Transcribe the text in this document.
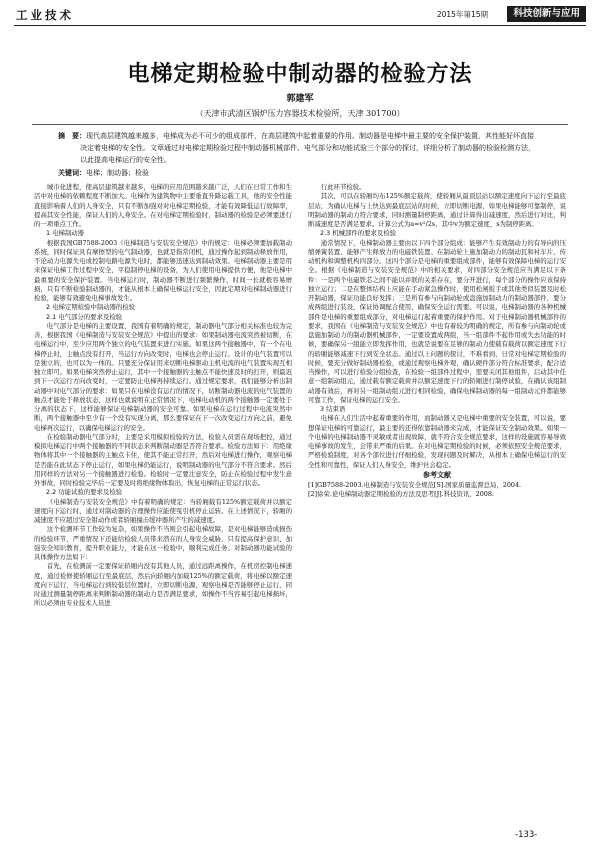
工业技术	2015年第15期	科技创新与应用
电梯定期检验中制动器的检验方法
郭建军
（天津市武清区锅炉压力容器技术检验所，天津 301700）
摘　要：现代高层建筑越来越多，电梯成为必不可少的组成部件，在高层建筑中起着重要的作用。制动器是电梯中最主要的安全保护装置，其性能好坏直接决定着电梯的安全性。文章通过对电梯定期检验过程中制动器机械部件、电气部分和功能试验三个部分的探讨，详细分析了制动器的检验检测方法，以此提高电梯运行的安全性。
关键词：电梯；制动器；检验

城市化进程，使高层建筑越来越多，电梯的应用范围越来越广泛，人们在日常工作和生活中对电梯的依赖程度不断加大。电梯作为建筑物中主要垂直升降运载工具，他的安全性能直接影响着人们的人身安全，只有不断加强对对电梯定期检验，才能有效降低运行故障率，提高其安全性能，保证人们的人身安全。在对电梯定期检验时，制动器的检验是必须要进行的一项重点工作。

1 电梯制动器

根据我国GB7588-2003《电梯制造与安装安全规范》中的规定：电梯必须要加载制动系统，同时保证具有摩擦型的电气制动器，也就是指常闭机，通过操作起到制动释放作用，不论动力电源失电或控制电路电源失电时，都能够迅速达到制动效果。电梯制动器主要是用来保证电梯工作过程中安全、平稳制停电梯的设备，为人们使用电梯提供方便，他是电梯中最重要的安全保护装置。当电梯运行时，制动器不断进行频繁操作，时间一长就极容易磨损，只有不断检验制动器的，才能从根本上确保电梯运行安全，因此定期对电梯制动器进行检验，能够有效避免电梯事故发生。

2 电梯定期检验中制动器的检验
2.1 电气部分的要求及检验

电气部分是电梯的主要设置，我国有着明确的规定，制动器电气部分相关标准也较为完善，根据我国《电梯制造与安装安全规范》中提出的要求：如果制动器电流突然被切断，在电梯运行中，至少应用两个独立的电气装置来进行实施。如果这两个接触器中，有一个在电梯停止时，主触点没有打开，当运行方向改变时，电梯也会停止运行。设计的电气装置可以是独立的，也可以为一体的。只要充分保证用来切断电梯驱动主机电流的电气装置实现互相独立即可。如果电梯突然停止运行，其中一个接触器的主触点不能快速及时的打开，则最迟到下一次运行方向改变时，一定要防止电梯再持续运行。通过规定要求，我们能够分析出制动器中对电气部分的要求：如果只在电梯没有运行的情况下，切断制动器电流的电气装置的触点才能处于释放状态，这样也就说明在正常情况下，电梯电动机的两个接触器一定要处于分离的状态下，这样能够保证电梯制动器的安全可靠。如果电梯在运行过程中电流突然中断，两个接触器中至少有一个没有实现分离，那么要保证在下一次改变运行方向之前，避免电梯再次运行，以确保电梯运行的安全。

在检验制动器电气部分时，主要是采用模拟检验的方法，检验人员需在现场把控，通过模拟电梯运行中两个接触器的不同状态来判断制动器是否符合要求。检验方法如下：用绝缘物体将其中一个接触器的主触点卡住，使其不能正常打开，然后对电梯进行操作，观察电梯是否能在此状态下停止运行，如果电梯仍能运行，说明制动器的电气部分不符合要求。然后用同样的方法对另一个接触器进行检验。检验时一定要注意安全，防止在检验过程中发生意外事故，同时检验完毕后一定要及时将绝缘物体取出，恢复电梯的正常运行状态。

2.2 功能试验的要求及检验

《电梯制造与安装安全规范》中有着明确的规定：当轿厢载有125%额定载荷并以额定速度向下运行时，通过对制动器的合理操作应能使曳引机停止运转。在上述情况下，轿厢的减速度不应超过安全钳动作或者轿厢撞击缓冲器所产生的减速度。

这个检测环节工作较为复杂，如果操作不当则会引起电梯故障，是对电梯能够造成损伤的检验环节，严重情况下还能给检验人员带来潜在的人身安全威胁，只有提高保护意识、加强安全知识教育，提升职业能力，才能在这一检验中，顺利完成任务。对制动器功能试验的具体操作方法如下：

首先，在检测前一定要保证轿厢内没有其他人员，通过远距离操作，在机房控制电梯速度，通过检修使轿厢运行至最底层，然后向轿厢内加载125%的额定载荷，将电梯以额定速度向下运行，当电梯运行到较低层位置时，立即切断电源，观察电梯是否能够停止运行，同时通过测量制停距离来判断制动器的制动力是否满足要求，如操作不当容易引起电梯损坏，所以必须由专业技术人员进

行此环节检验。

其次，可以在轿厢均布125%额定载荷，使轿厢从最顶层站以额定速度向下运行至最底层站，为确认电梯与上快达到最底层站的时候，立即切断电源，如果电梯能够可靠制停，说明制动器的制动力符合要求，同时测量制停距离，通过计算得出减速度，然后进行对比，判断减速度是否满足要求。计算公式为a=v²/2s，其中v为额定速度，s为制停距离。

2.3 机械部件的要求及检验

通常情况下，电梯制动器主要由以下四个部分组成：能够产生有效制动力的有导向的压缩弹簧装置、能够产生释放力的电磁铁装置、在制动轮上施加制动力的制动瓦和衬车片、传动机构和调整机构四部分。这四个部分是电梯的重要组成部件，能够有效保障电梯的运行安全。根据《电梯制造与安装安全规范》中的相关要求，对四部分安全规范应当满足以下条件：一是两个电磁铁芯之间不能以并联的关系存在，要分开进行，每个部分的操作应该保持独立运行；二是在整体结构上应能在手动紧急操作时，使用松闸扳手或其他类似装置及时松开制动器，保证功能良好发挥；三是所有参与向制动轮或盘施加制动力的制动器部件，要分成两组进行装设，保证协调配合使用，确保安全运行需要。可以说，电梯制动器的各种机械部件是电梯的重要组成部分，对电梯运行起着重要的保护作用。对于电梯制动器机械部件的要求，我国在《电梯制造与安装安全规范》中也有着较为明确的规定，所有参与向制动轮或盘施加制动力的制动器机械部件，一定要设置成两组，当一组部件不起作用或失去功能的时候，要确保另一组能立即发挥作用，也就是说要在足够的制动力使载有载荷以额定速度下行的轿厢能够减速下行到安全状态。通过以上问题的探讨，不难看到，日常对电梯定期检验的时候，要充分做好制动器检验，或通过观察电梯外观，确认硬件部分符合标准要求，配合适当操作，可以进行检验分组检查，在检验一组部件过程中，需要关闭其他组件，启动其中任意一组制动组元，通过载有额定载荷并以额定速度下行的轿厢进行制停试验，在确认该组制动器有效后，再对另一组制动组元进行相同检验，确保电梯制动器的每一组制动元件都能够可靠工作，保证电梯的运行安全。

3 结束语

电梯在人们生活中起着重要的作用，而制动器又是电梯中重要的安全装置，可以说，要想保证电梯的可靠运行，最主要的还得依靠制动器来完成，才能保证安全制动效果。如果一个电梯的电梯制动器不灵敏或者出现故障，就不符合安全规范要求，这样的设施就容易导致电梯事故的发生，会带来严重的后果。在对电梯定期检验的时候，必须依照安全规范要求，严格检验制度，对各个部位进行仔细检验，发现问题及时解决，从根本上确保电梯运行的安全性和可靠性，保证人们人身安全，维护社会稳定。

参考文献

[1]GB7588-2003.电梯制造与安装安全规范[S].国家质量监督总局，2004.

[2]徐荣.论电梯制动器定期检验的方法及思考[J].科技资讯，2008.

-133-
